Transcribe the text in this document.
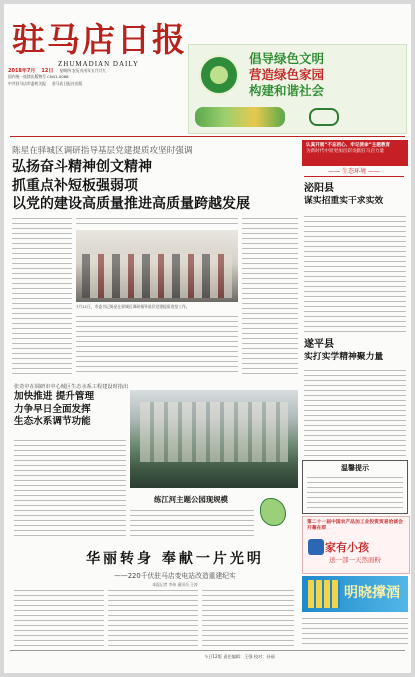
驻马店日报
ZHUMADIAN DAILY
2018年7月 12日 星期四 农历戊戌年五月廿九
国内统一连续出版物号 CN41-0068
中共驻马店市委机关报 驻马店日报社出版
倡导绿色文明
营造绿色家园
构建和谐社会
陈星在驿城区调研指导基层党建提质攻坚时强调
弘扬奋斗精神创文精神
抓重点补短板强弱项
以党的建设高质量推进高质量跨越发展
7月11日，市委书记陈星在驿城区调研指导基层党建提质攻坚工作。
认真开展“不忘初心、牢记使命”主题教育
为新时代中原更加出彩贡献驻马店力量
—— 生态环境 ——
泌阳县
谋实招重实干求实效
遂平县
实打实学精神聚力量
张奇中在调研市中心城区生态水系工程建设时指出
加快推进 提升管理
力争早日全面发挥
生态水系调节功能
练江河主题公园现规模
华丽转身 奉献一片光明
——220千伏驻马店变电站改造重建纪实
本报记者 李伟 通讯员 王涛
温馨提示
第二十一届中国农产品加工业投资贸易洽谈会开幕在即
家有小孩
送一部一天然面粉
明晓撑酒
今日12版 责任编辑：王强 校对：孙丽
